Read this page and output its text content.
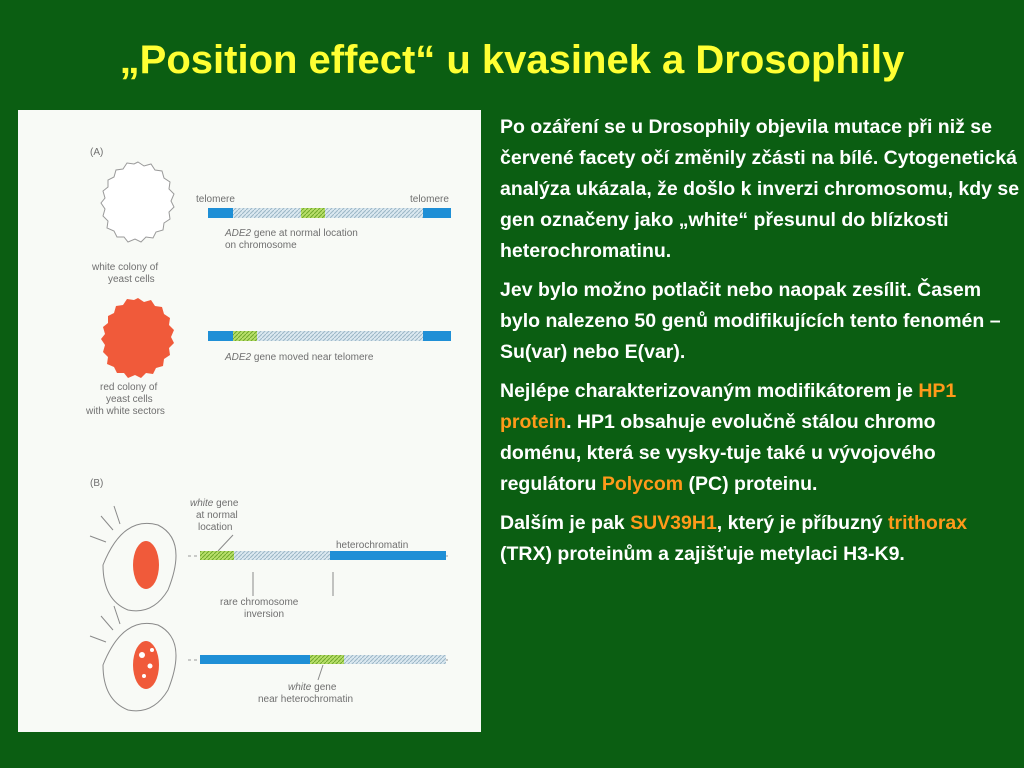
„Position effect“ u kvasinek a Drosophily
(A)
white colony of
yeast cells
telomere	telomere
ADE2 gene at normal location
on chromosome
red colony of
yeast cells
with white sectors
ADE2 gene moved near telomere
(B)
white gene
at normal
location
heterochromatin
rare chromosome
inversion
white gene
near heterochromatin

Po ozáření se u Drosophily objevila mutace při niž se červené facety očí změnily zčásti na bílé. Cytogenetická analýza ukázala, že došlo k inverzi chromosomu, kdy se gen označeny jako „white“ přesunul do blízkosti heterochromatinu.

Jev bylo možno potlačit nebo naopak zesílit. Časem bylo nalezeno 50 genů modifikujících tento fenomén – Su(var) nebo E(var).

Nejlépe charakterizovaným modifikátorem je HP1 protein. HP1 obsahuje evolučně stálou chromo doménu, která se vysky-tuje také u vývojového regulátoru Polycom (PC) proteinu.

Dalším je pak SUV39H1, který je příbuzný trithorax (TRX) proteinům a zajišťuje metylaci H3-K9.
